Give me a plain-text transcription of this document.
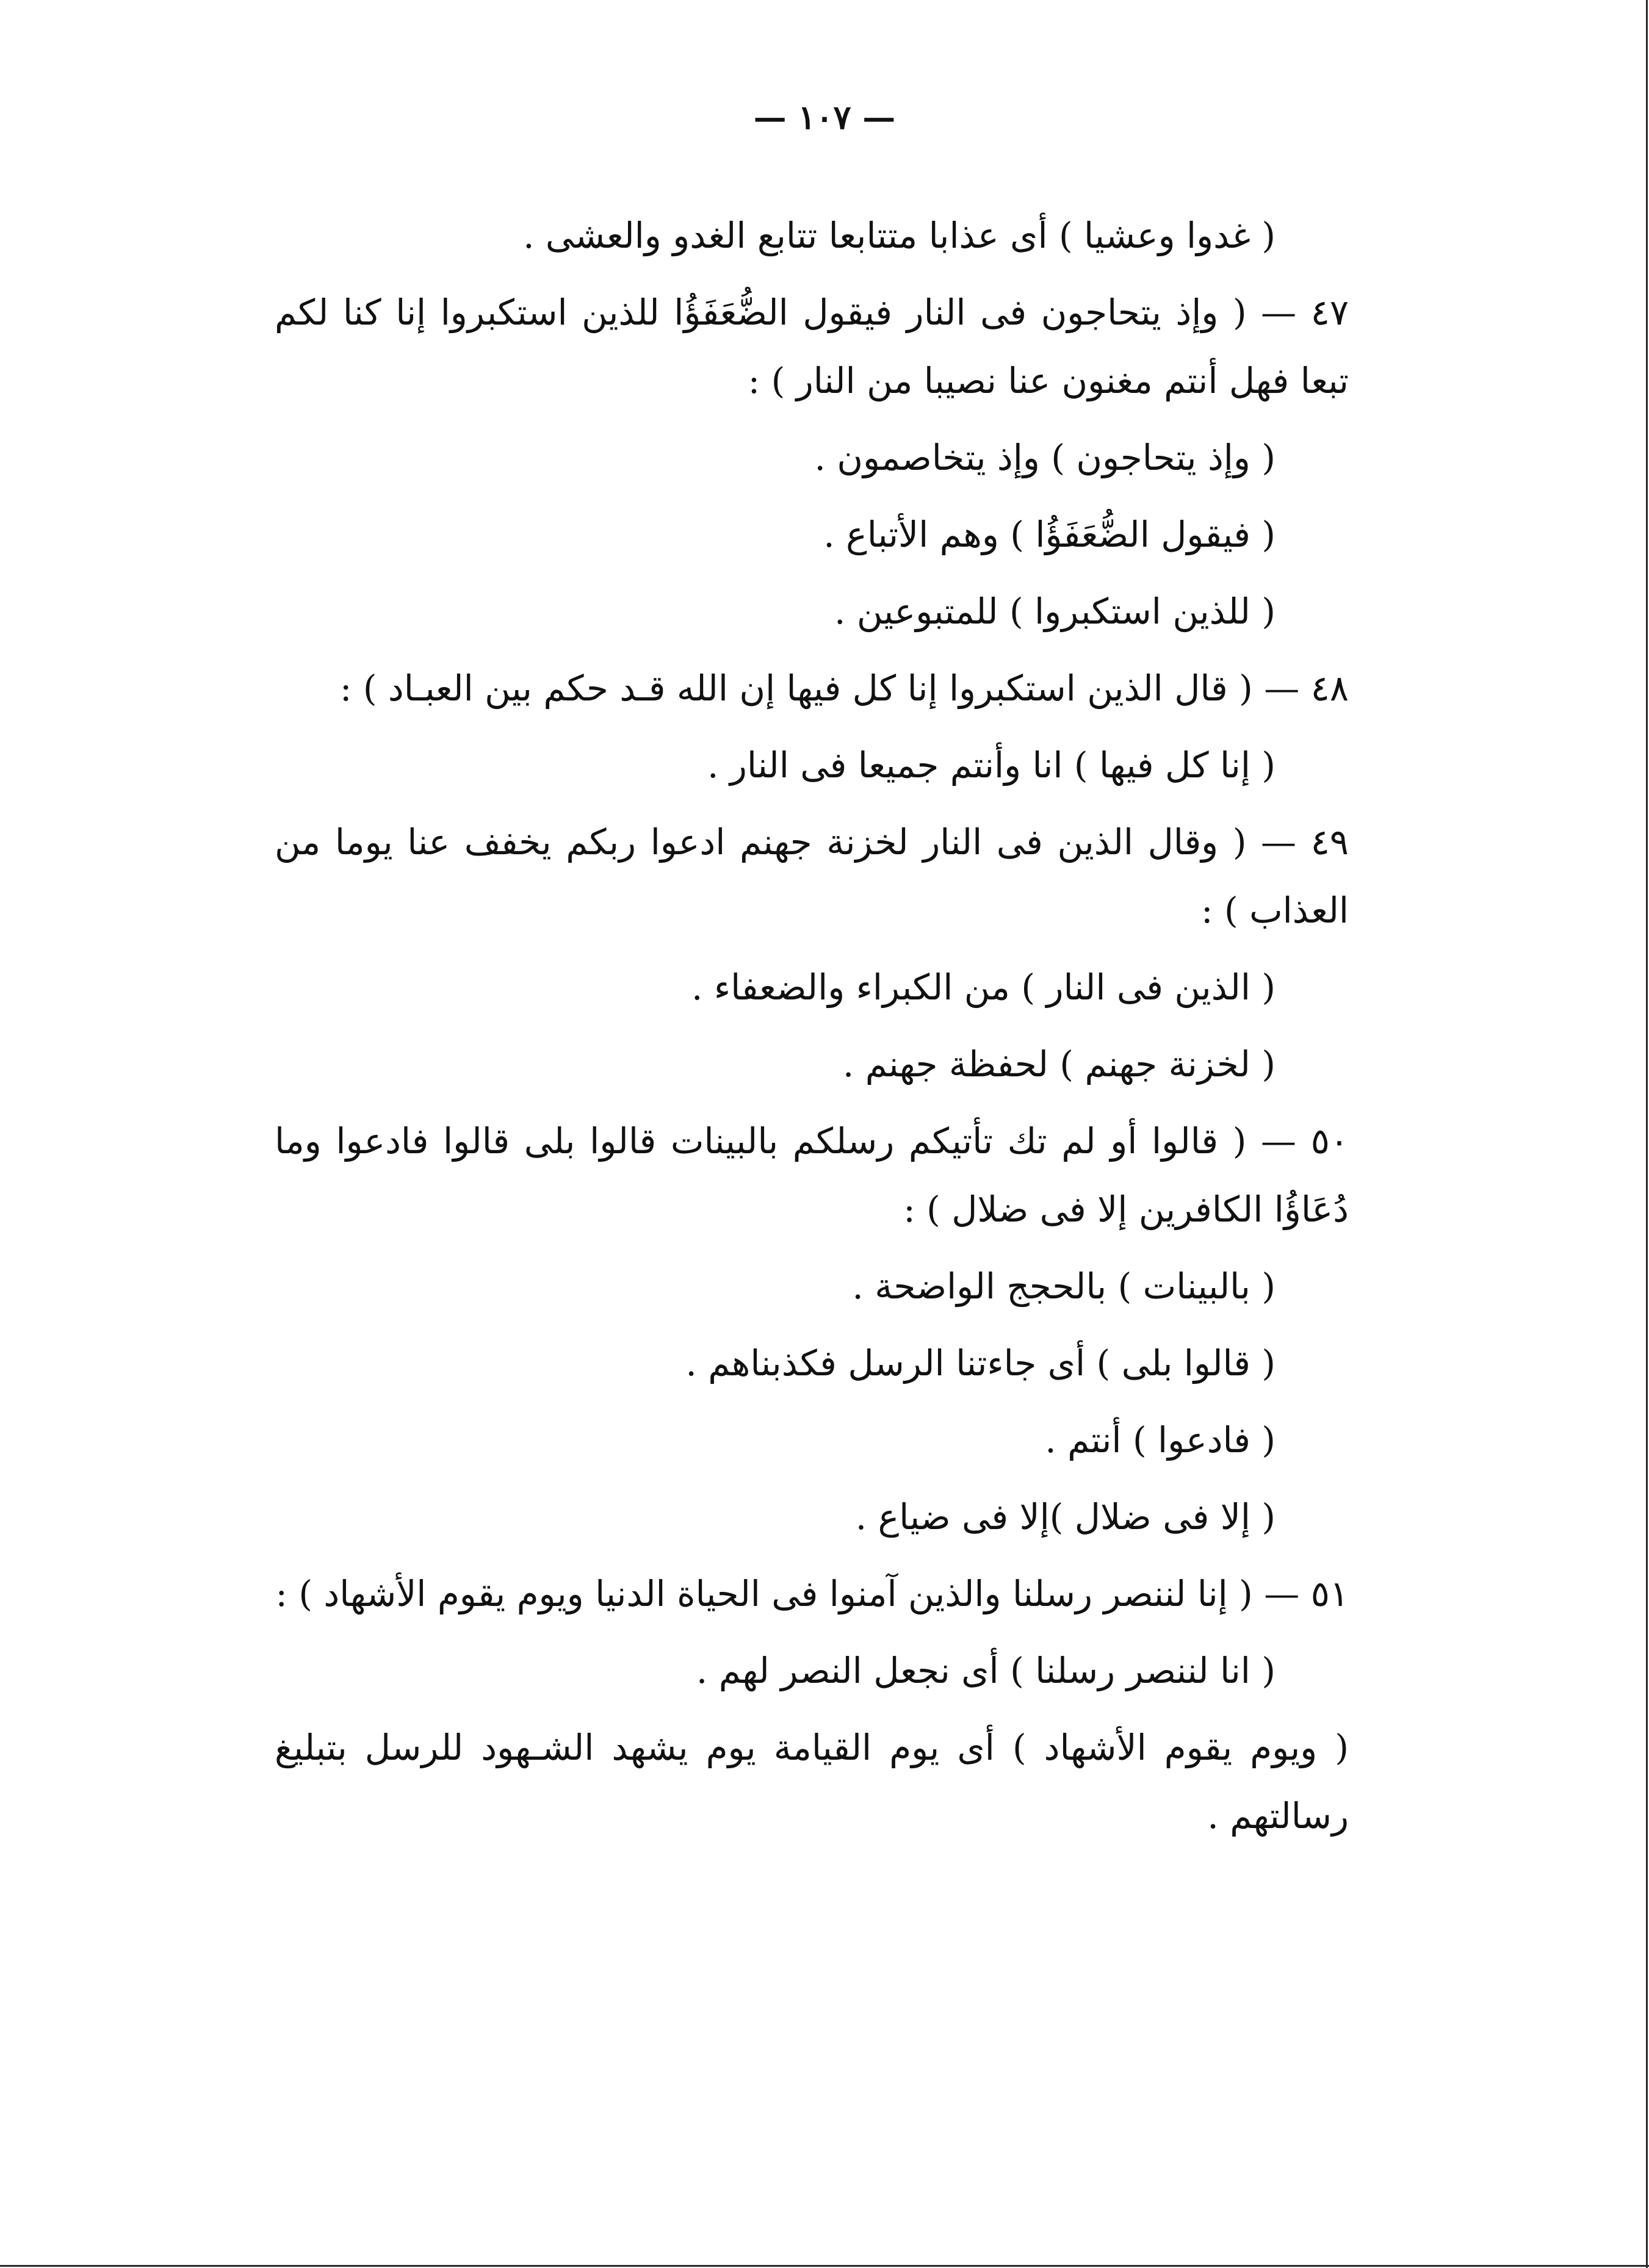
— ١٠٧ —

( غدوا وعشيا ) أى عذابا متتابعا تتابع الغدو والعشى .

٤٧ — ( وإذ يتحاجون فى النار فيقول الضُّعَفَؤُا للذين استكبروا إنا كنا لكم تبعا فهل أنتم مغنون عنا نصيبا من النار ) :

( وإذ يتحاجون ) وإذ يتخاصمون .

( فيقول الضُّعَفَؤُا ) وهم الأتباع .

( للذين استكبروا ) للمتبوعين .

٤٨ — ( قال الذين استكبروا إنا كل فيها إن الله قـد حكم بين العبـاد ) :

( إنا كل فيها ) انا وأنتم جميعا فى النار .

٤٩ — ( وقال الذين فى النار لخزنة جهنم ادعوا ربكم يخفف عنا يوما من العذاب ) :

( الذين فى النار ) من الكبراء والضعفاء .

( لخزنة جهنم ) لحفظة جهنم .

٥٠ — ( قالوا أو لم تك تأتيكم رسلكم بالبينات قالوا بلى قالوا فادعوا وما دُعَاؤُا الكافرين إلا فى ضلال ) :

( بالبينات ) بالحجج الواضحة .

( قالوا بلى ) أى جاءتنا الرسل فكذبناهم .

( فادعوا ) أنتم .

( إلا فى ضلال )إلا فى ضياع .

٥١ — ( إنا لننصر رسلنا والذين آمنوا فى الحياة الدنيا ويوم يقوم الأشهاد ) :

( انا لننصر رسلنا ) أى نجعل النصر لهم .

( ويوم يقوم الأشهاد ) أى يوم القيامة يوم يشهد الشـهود للرسل بتبليغ رسالتهم .
